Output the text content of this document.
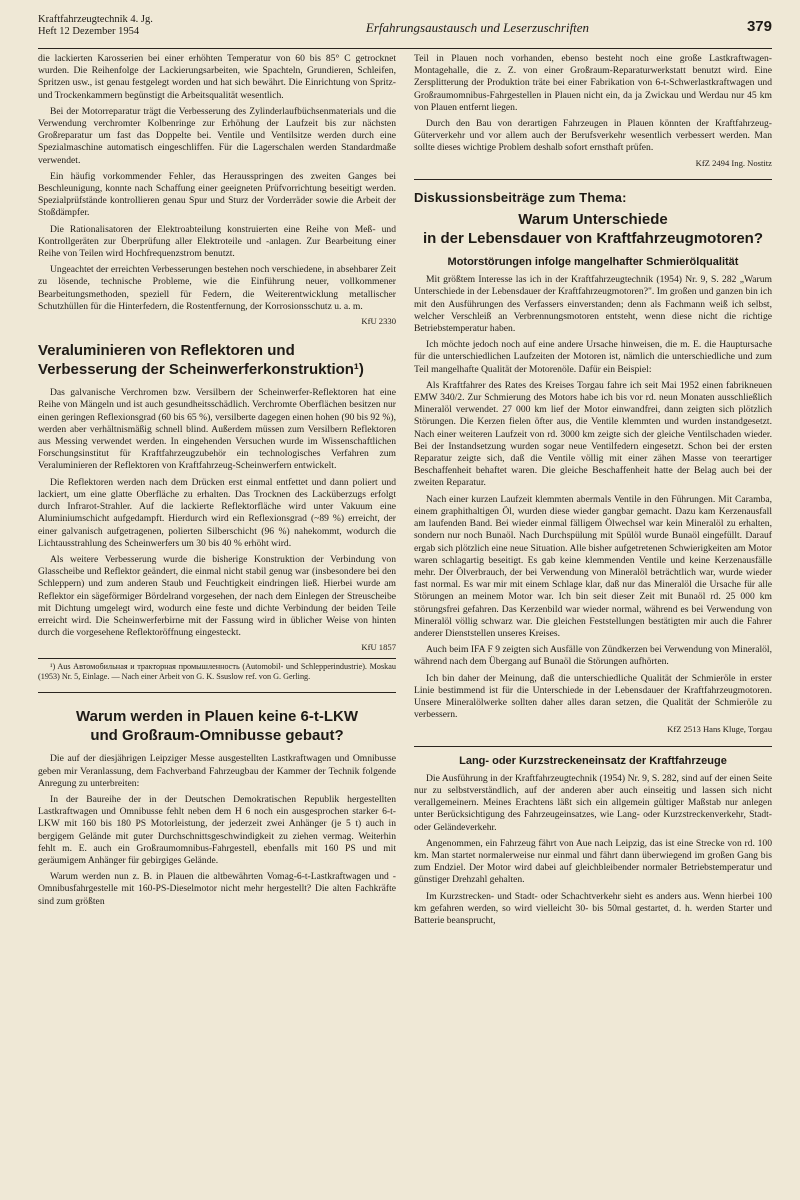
Kraftfahrzeugtechnik 4. Jg.
Heft 12 Dezember 1954	Erfahrungsaustausch und Leserzuschriften	379

die lackierten Karosserien bei einer erhöhten Temperatur von 60 bis 85° C getrocknet wurden. Die Reihenfolge der Lackierungsarbeiten, wie Spachteln, Grundieren, Schleifen, Spritzen usw., ist genau festgelegt worden und hat sich bewährt. Die Einrichtung von Spritz- und Trockenkammern begünstigt die Arbeitsqualität wesentlich.

Bei der Motorreparatur trägt die Verbesserung des Zylinderlaufbüchsenmaterials und die Verwendung verchromter Kolbenringe zur Erhöhung der Laufzeit bis zur nächsten Großreparatur um fast das Doppelte bei. Ventile und Ventilsitze werden durch eine Spezialmaschine automatisch eingeschliffen. Für die Lagerschalen werden Standardmaße verwendet.

Ein häufig vorkommender Fehler, das Herausspringen des zweiten Ganges bei Beschleunigung, konnte nach Schaffung einer geeigneten Prüfvorrichtung beseitigt werden. Spezialprüfstände kontrollieren genau Spur und Sturz der Vorderräder sowie die Arbeit der Stoßdämpfer.

Die Rationalisatoren der Elektroabteilung konstruierten eine Reihe von Meß- und Kontrollgeräten zur Überprüfung aller Elektroteile und -anlagen. Zur Bearbeitung einer Reihe von Teilen wird Hochfrequenzstrom benutzt.

Ungeachtet der erreichten Verbesserungen bestehen noch verschiedene, in absehbarer Zeit zu lösende, technische Probleme, wie die Einführung neuer, vollkommener Bearbeitungsmethoden, speziell für Federn, die Weiterentwicklung metallischer Schutzhüllen für die Hinterfedern, die Rostentfernung, der Korrosionsschutz u. a. m.

KfU 2330
Veraluminieren von Reflektoren und
Verbesserung der Scheinwerferkonstruktion¹)

Das galvanische Verchromen bzw. Versilbern der Scheinwerfer-Reflektoren hat eine Reihe von Mängeln und ist auch gesundheitsschädlich. Verchromte Oberflächen besitzen nur einen geringen Reflexionsgrad (60 bis 65 %), versilberte dagegen einen hohen (90 bis 92 %), werden aber verhältnismäßig schnell blind. Außerdem müssen zum Versilbern Reflektoren aus Messing verwendet werden. In eingehenden Versuchen wurde im Wissenschaftlichen Forschungsinstitut für Kraftfahrzeugzubehör ein technologisches Verfahren zum Veraluminieren der Reflektoren von Kraftfahrzeug-Scheinwerfern entwickelt.

Die Reflektoren werden nach dem Drücken erst einmal entfettet und dann poliert und lackiert, um eine glatte Oberfläche zu erhalten. Das Trocknen des Lacküberzugs erfolgt durch Infrarot-Strahler. Auf die lackierte Reflektorfläche wird unter Vakuum eine Aluminiumschicht aufgedampft. Hierdurch wird ein Reflexionsgrad (~89 %) erreicht, der einer galvanisch aufgetragenen, polierten Silberschicht (96 %) nahekommt, wodurch die Lichtausstrahlung des Scheinwerfers um 30 bis 40 % erhöht wird.

Als weitere Verbesserung wurde die bisherige Konstruktion der Verbindung von Glasscheibe und Reflektor geändert, die einmal nicht stabil genug war (insbesondere bei den Schleppern) und zum anderen Staub und Feuchtigkeit eindringen ließ. Hierbei wurde am Reflektor ein sägeförmiger Bördelrand vorgesehen, der nach dem Einlegen der Streuscheibe mit Dichtung umgelegt wird, wodurch eine feste und dichte Verbindung der beiden Teile erreicht wird. Die Scheinwerferbirne mit der Fassung wird in üblicher Weise von hinten durch die vorgesehene Reflektoröffnung eingesteckt.

KfU 1857

¹) Aus Автомобильная и тракторная промышленность (Automobil- und Schlepperindustrie). Moskau (1953) Nr. 5, Einlage. — Nach einer Arbeit von G. K. Ssuslow ref. von G. Gerling.

Warum werden in Plauen keine 6-t-LKW
und Großraum-Omnibusse gebaut?

Die auf der diesjährigen Leipziger Messe ausgestellten Lastkraftwagen und Omnibusse geben mir Veranlassung, dem Fachverband Fahrzeugbau der Kammer der Technik folgende Anregung zu unterbreiten:

In der Baureihe der in der Deutschen Demokratischen Republik hergestellten Lastkraftwagen und Omnibusse fehlt neben dem H 6 noch ein ausgesprochen starker 6-t-LKW mit 160 bis 180 PS Motorleistung, der jederzeit zwei Anhänger (je 5 t) auch in bergigem Gelände mit guter Durchschnittsgeschwindigkeit zu ziehen vermag. Weiterhin fehlt m. E. auch ein Großraumomnibus-Fahrgestell, ebenfalls mit 160 PS und mit geräumigem Anhänger für gebirgiges Gelände.

Warum werden nun z. B. in Plauen die altbewährten Vomag-6-t-Lastkraftwagen und -Omnibusfahrgestelle mit 160-PS-Dieselmotor nicht mehr hergestellt? Die alten Fachkräfte sind zum größten

Teil in Plauen noch vorhanden, ebenso besteht noch eine große Lastkraftwagen-Montagehalle, die z. Z. von einer Großraum-Reparaturwerkstatt benutzt wird. Eine Zersplitterung der Produktion träte bei einer Fabrikation von 6-t-Schwerlastkraftwagen und Großraumomnibus-Fahrgestellen in Plauen nicht ein, da ja Zwickau und Werdau nur 45 km von Plauen entfernt liegen.

Durch den Bau von derartigen Fahrzeugen in Plauen könnten der Kraftfahrzeug-Güterverkehr und vor allem auch der Berufsverkehr wesentlich verbessert werden. Man sollte dieses wichtige Problem deshalb sofort ernsthaft prüfen.

KfZ 2494 Ing. Nostitz
Diskussionsbeiträge zum Thema:
Warum Unterschiede
in der Lebensdauer von Kraftfahrzeugmotoren?
Motorstörungen infolge mangelhafter Schmierölqualität

Mit größtem Interesse las ich in der Kraftfahrzeugtechnik (1954) Nr. 9, S. 282 „Warum Unterschiede in der Lebensdauer der Kraftfahrzeugmotoren?". Im großen und ganzen bin ich mit den Ausführungen des Verfassers einverstanden; denn als Fachmann weiß ich selbst, welcher Verschleiß an Verbrennungsmotoren entsteht, wenn diese nicht die richtige Betriebstemperatur haben.

Ich möchte jedoch noch auf eine andere Ursache hinweisen, die m. E. die Hauptursache für die unterschiedlichen Laufzeiten der Motoren ist, nämlich die unterschiedliche und zum Teil mangelhafte Qualität der Motorenöle. Dafür ein Beispiel:

Als Kraftfahrer des Rates des Kreises Torgau fahre ich seit Mai 1952 einen fabrikneuen EMW 340/2. Zur Schmierung des Motors habe ich bis vor rd. neun Monaten ausschließlich Mineralöl verwendet. 27 000 km lief der Motor einwandfrei, dann zeigten sich plötzlich Störungen. Die Kerzen fielen öfter aus, die Ventile klemmten und wurden instandgesetzt. Nach einer weiteren Laufzeit von rd. 3000 km zeigte sich der gleiche Ventilschaden wieder. Bei der Instandsetzung wurden sogar neue Ventilfedern eingesetzt. Schon bei der ersten Reparatur zeigte sich, daß die Ventile völlig mit einer zähen Masse von teerartiger Beschaffenheit behaftet waren. Die gleiche Beschaffenheit hatte der Belag auch bei der zweiten Reparatur.

Nach einer kurzen Laufzeit klemmten abermals Ventile in den Führungen. Mit Caramba, einem graphithaltigen Öl, wurden diese wieder gangbar gemacht. Dazu kam Kerzenausfall am laufenden Band. Bei wieder einmal fälligem Ölwechsel war kein Mineralöl zu erhalten, sondern nur noch Bunaöl. Nach Durchspülung mit Spülöl wurde Bunaöl eingefüllt. Darauf ergab sich plötzlich eine neue Situation. Alle bisher aufgetretenen Schwierigkeiten am Motor waren schlagartig beseitigt. Es gab keine klemmenden Ventile und keine Kerzenausfälle mehr. Der Ölverbrauch, der bei Verwendung von Mineralöl beträchtlich war, wurde wieder fast normal. Es war mir mit einem Schlage klar, daß nur das Mineralöl die Ursache für alle Störungen an meinem Motor war. Ich bin seit dieser Zeit mit Bunaöl rd. 25 000 km störungsfrei gefahren. Das Kerzenbild war wieder normal, während es bei Verwendung von Mineralöl völlig schwarz war. Die gleichen Feststellungen bestätigten mir auch die Fahrer anderer Dienststellen unseres Kreises.

Auch beim IFA F 9 zeigten sich Ausfälle von Zündkerzen bei Verwendung von Mineralöl, während nach dem Übergang auf Bunaöl die Störungen aufhörten.

Ich bin daher der Meinung, daß die unterschiedliche Qualität der Schmieröle in erster Linie bestimmend ist für die Unterschiede in der Lebensdauer der Kraftfahrzeugmotoren. Unsere Mineralölwerke sollten daher alles daran setzen, die Qualität der Schmieröle zu verbessern.

KfZ 2513 Hans Kluge, Torgau
Lang- oder Kurzstreckeneinsatz der Kraftfahrzeuge

Die Ausführung in der Kraftfahrzeugtechnik (1954) Nr. 9, S. 282, sind auf der einen Seite nur zu selbstverständlich, auf der anderen aber auch einseitig und lassen sich nicht verallgemeinern. Meines Erachtens läßt sich ein allgemein gültiger Maßstab nur anlegen unter Berücksichtigung des Fahrzeugeinsatzes, wie Lang- oder Kurzstreckenverkehr, Stadt- oder Geländeverkehr.

Angenommen, ein Fahrzeug fährt von Aue nach Leipzig, das ist eine Strecke von rd. 100 km. Man startet normalerweise nur einmal und fährt dann überwiegend im großen Gang bis zum Endziel. Der Motor wird dabei auf gleichbleibender normaler Betriebstemperatur und günstiger Drehzahl gehalten.

Im Kurzstrecken- und Stadt- oder Schachtverkehr sieht es anders aus. Wenn hierbei 100 km gefahren werden, so wird vielleicht 30- bis 50mal gestartet, d. h. werden Starter und Batterie beansprucht,
